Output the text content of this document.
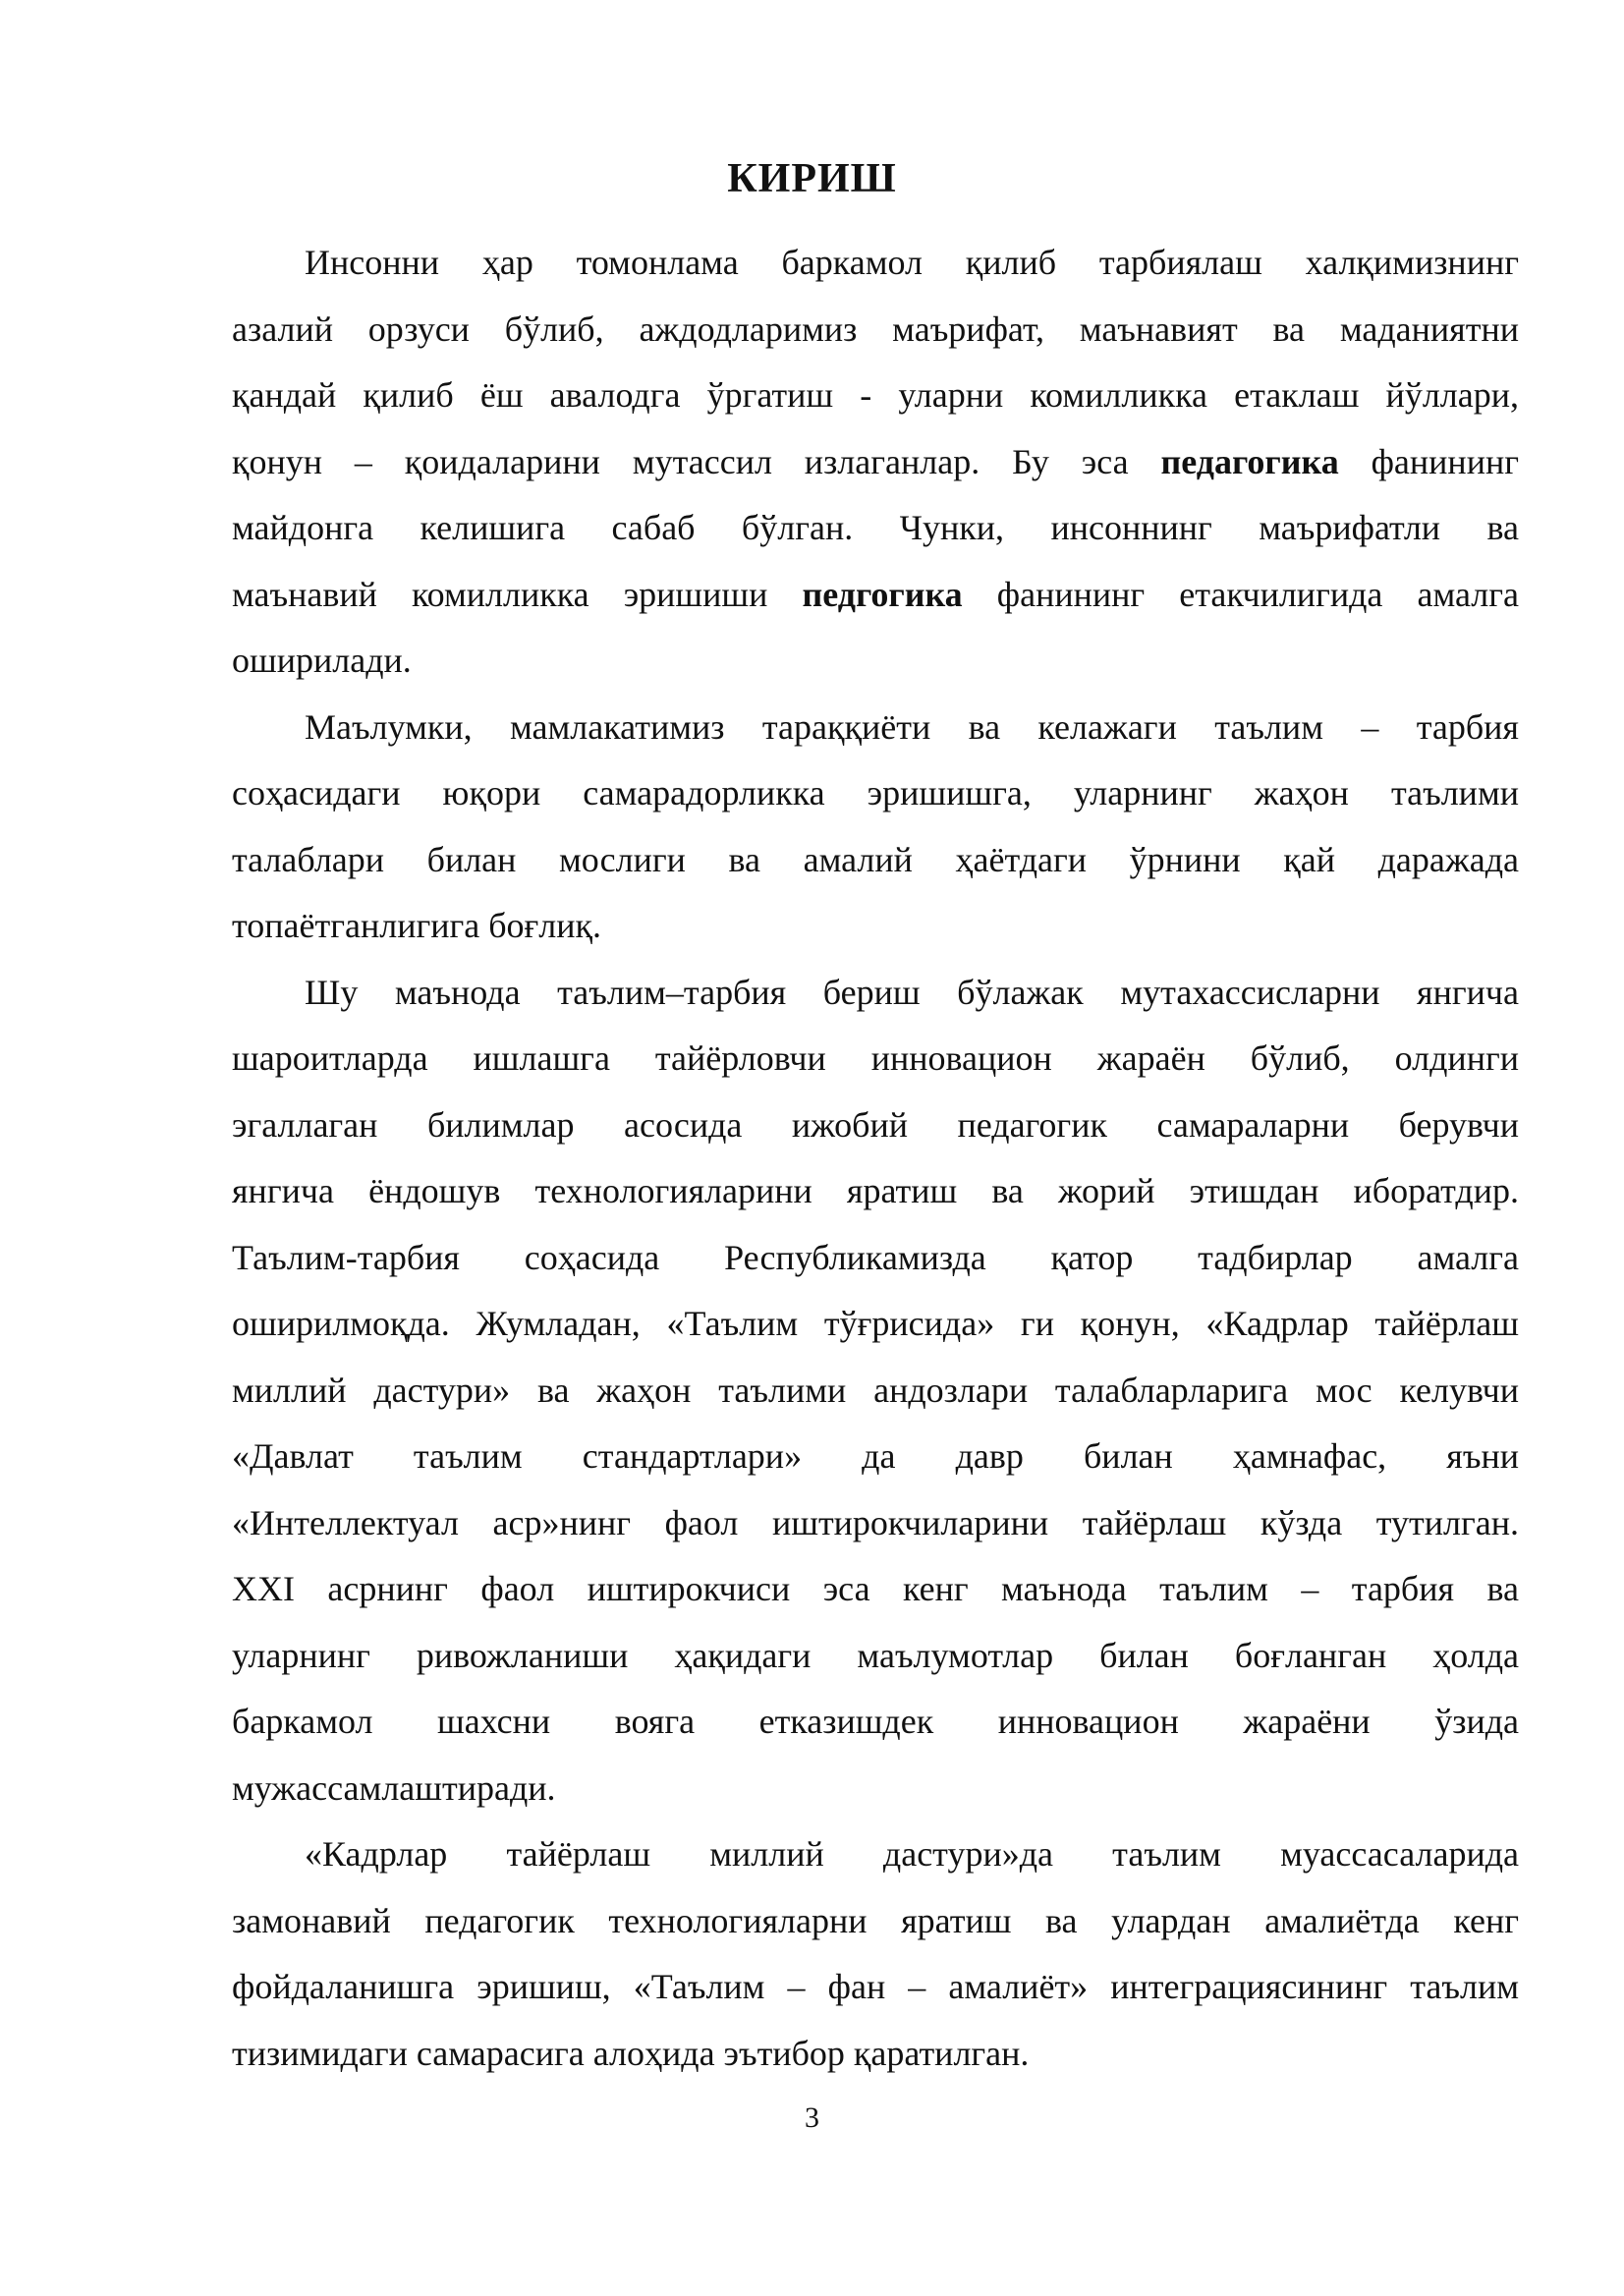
КИРИШ
Инсонни ҳар томонлама баркамол қилиб тарбиялаш халқимизнинг
азалий орзуси бўлиб, аждодларимиз маърифат, маънавият ва маданиятни
қандай қилиб ёш авалодга ўргатиш - уларни комилликка етаклаш йўллари,
қонун – қоидаларини мутассил излаганлар. Бу эса педагогика фанининг
майдонга келишига сабаб бўлган. Чунки, инсоннинг маърифатли ва
маънавий комилликка эришиши педгогика фанининг етакчилигида амалга
оширилади.
Маълумки, мамлакатимиз тараққиёти ва келажаги таълим – тарбия
соҳасидаги юқори самарадорликка эришишга, уларнинг жаҳон таълими
талаблари билан мослиги ва амалий ҳаётдаги ўрнини қай даражада
топаётганлигига боғлиқ.
Шу маънода таълим–тарбия бериш бўлажак мутахассисларни янгича
шароитларда ишлашга тайёрловчи инновацион жараён бўлиб, олдинги
эгаллаган билимлар асосида ижобий педагогик самараларни берувчи
янгича ёндошув технологияларини яратиш ва жорий этишдан иборатдир.
Таълим-тарбия соҳасида Республикамизда қатор тадбирлар амалга
оширилмоқда. Жумладан, «Таълим тўғрисида» ги қонун, «Кадрлар тайёрлаш
миллий дастури» ва жаҳон таълими андозлари талабларларига мос келувчи
«Давлат таълим стандартлари» да давр билан ҳамнафас, яъни
«Интеллектуал аср»нинг фаол иштирокчиларини тайёрлаш кўзда тутилган.
XXI асрнинг фаол иштирокчиси эса кенг маънода таълим – тарбия ва
уларнинг ривожланиши ҳақидаги маълумотлар билан боғланган ҳолда
баркамол шахсни вояга етказишдек инновацион жараёни ўзида
мужассамлаштиради.
«Кадрлар тайёрлаш миллий дастури»да таълим муассасаларида
замонавий педагогик технологияларни яратиш ва улардан амалиётда кенг
фойдаланишга эришиш, «Таълим – фан – амалиёт» интеграциясининг таълим
тизимидаги самарасига алоҳида эътибор қаратилган.
3
